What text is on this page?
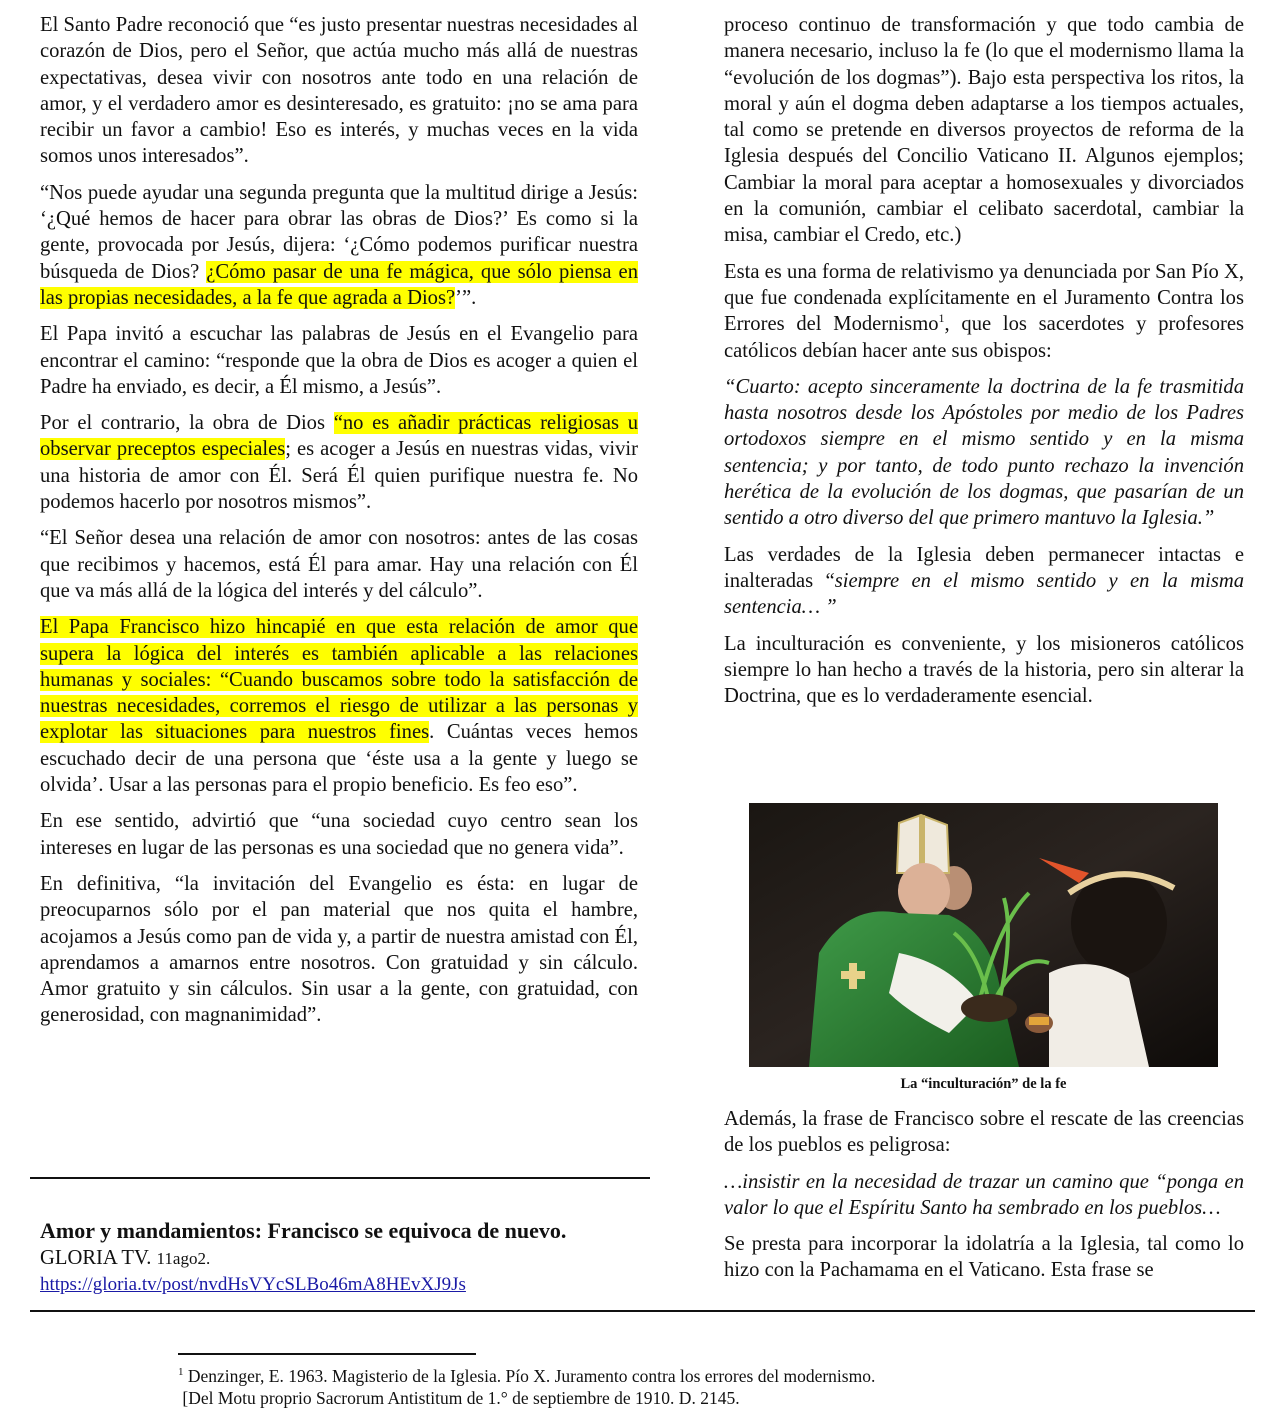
El Santo Padre reconoció que “es justo presentar nuestras necesidades al corazón de Dios, pero el Señor, que actúa mucho más allá de nuestras expectativas, desea vivir con nosotros ante todo en una relación de amor, y el verdadero amor es desinteresado, es gratuito: ¡no se ama para recibir un favor a cambio! Eso es interés, y muchas veces en la vida somos unos interesados”.

“Nos puede ayudar una segunda pregunta que la multitud dirige a Jesús: ‘¿Qué hemos de hacer para obrar las obras de Dios?’ Es como si la gente, provocada por Jesús, dijera: ‘¿Cómo podemos purificar nuestra búsqueda de Dios? ¿Cómo pasar de una fe mágica, que sólo piensa en las propias necesidades, a la fe que agrada a Dios?’”.

El Papa invitó a escuchar las palabras de Jesús en el Evangelio para encontrar el camino: “responde que la obra de Dios es acoger a quien el Padre ha enviado, es decir, a Él mismo, a Jesús”.

Por el contrario, la obra de Dios “no es añadir prácticas religiosas u observar preceptos especiales; es acoger a Jesús en nuestras vidas, vivir una historia de amor con Él. Será Él quien purifique nuestra fe. No podemos hacerlo por nosotros mismos”.

“El Señor desea una relación de amor con nosotros: antes de las cosas que recibimos y hacemos, está Él para amar. Hay una relación con Él que va más allá de la lógica del interés y del cálculo”.

El Papa Francisco hizo hincapié en que esta relación de amor que supera la lógica del interés es también aplicable a las relaciones humanas y sociales: “Cuando buscamos sobre todo la satisfacción de nuestras necesidades, corremos el riesgo de utilizar a las personas y explotar las situaciones para nuestros fines. Cuántas veces hemos escuchado decir de una persona que ‘éste usa a la gente y luego se olvida’. Usar a las personas para el propio beneficio. Es feo eso”.

En ese sentido, advirtió que “una sociedad cuyo centro sean los intereses en lugar de las personas es una sociedad que no genera vida”.

En definitiva, “la invitación del Evangelio es ésta: en lugar de preocuparnos sólo por el pan material que nos quita el hambre, acojamos a Jesús como pan de vida y, a partir de nuestra amistad con Él, aprendamos a amarnos entre nosotros. Con gratuidad y sin cálculo. Amor gratuito y sin cálculos. Sin usar a la gente, con gratuidad, con generosidad, con magnanimidad”.

Amor y mandamientos: Francisco se equivoca de nuevo. GLORIA TV. 11ago2.
https://gloria.tv/post/nvdHsVYcSLBo46mA8HEvXJ9Js

proceso continuo de transformación y que todo cambia de manera necesario, incluso la fe (lo que el modernismo llama la “evolución de los dogmas”). Bajo esta perspectiva los ritos, la moral y aún el dogma deben adaptarse a los tiempos actuales, tal como se pretende en diversos proyectos de reforma de la Iglesia después del Concilio Vaticano II. Algunos ejemplos; Cambiar la moral para aceptar a homosexuales y divorciados en la comunión, cambiar el celibato sacerdotal, cambiar la misa, cambiar el Credo, etc.)

Esta es una forma de relativismo ya denunciada por San Pío X, que fue condenada explícitamente en el Juramento Contra los Errores del Modernismo$^1$, que los sacerdotes y profesores católicos debían hacer ante sus obispos:

“Cuarto: acepto sinceramente la doctrina de la fe trasmitida hasta nosotros desde los Apóstoles por medio de los Padres ortodoxos siempre en el mismo sentido y en la misma sentencia; y por tanto, de todo punto rechazo la invención herética de la evolución de los dogmas, que pasarían de un sentido a otro diverso del que primero mantuvo la Iglesia.”

Las verdades de la Iglesia deben permanecer intactas e inalteradas “siempre en el mismo sentido y en la misma sentencia… ”

La inculturación es conveniente, y los misioneros católicos siempre lo han hecho a través de la historia, pero sin alterar la Doctrina, que es lo verdaderamente esencial.

La “inculturación” de la fe

Además, la frase de Francisco sobre el rescate de las creencias de los pueblos es peligrosa:

…insistir en la necesidad de trazar un camino que “ponga en valor lo que el Espíritu Santo ha sembrado en los pueblos…

Se presta para incorporar la idolatría a la Iglesia, tal como lo hizo con la Pachamama en el Vaticano. Esta frase se

$^1$ Denzinger, E. 1963. Magisterio de la Iglesia. Pío X. Juramento contra los errores del modernismo.
[Del Motu proprio Sacrorum Antistitum de 1.° de septiembre de 1910. D. 2145.
